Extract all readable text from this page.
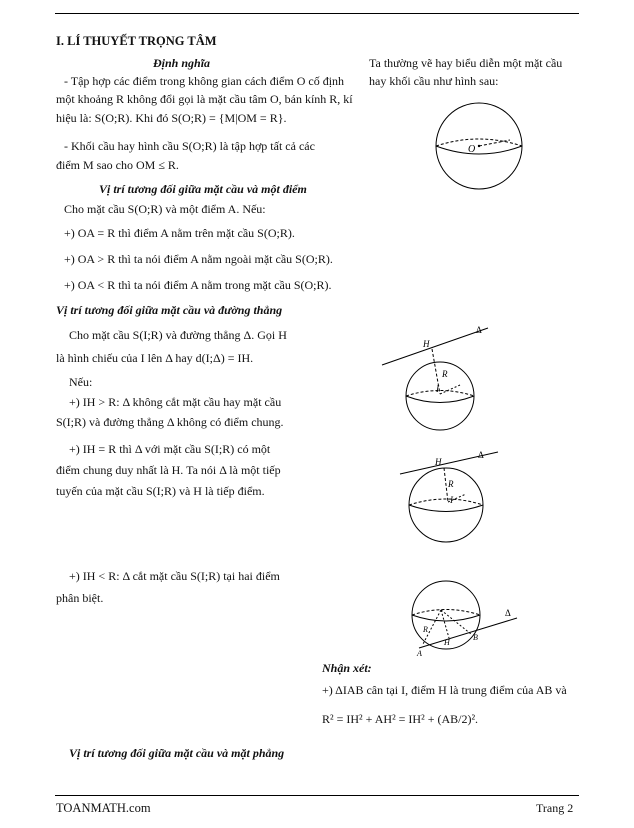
I. LÍ THUYẾT TRỌNG TÂM
Định nghĩa
- Tập hợp các điểm trong không gian cách điểm O cố định
một khoảng R không đổi gọi là mặt cầu tâm O, bán kính R, kí
hiệu là: S(O;R). Khi đó S(O;R) = {M|OM = R}.
- Khối cầu hay hình cầu S(O;R) là tập hợp tất cả các
điểm M sao cho OM ≤ R.
Ta thường vẽ hay biểu diễn một mặt cầu
hay khối cầu như hình sau:
O
Vị trí tương đối giữa mặt cầu và một điểm
Cho mặt cầu S(O;R) và một điểm A. Nếu:
+) OA = R thì điểm A nằm trên mặt cầu S(O;R).
+) OA > R thì ta nói điểm A nằm ngoài mặt cầu S(O;R).
+) OA < R thì ta nói điểm A nằm trong mặt cầu S(O;R).
Vị trí tương đối giữa mặt cầu và đường thẳng
Cho mặt cầu S(I;R) và đường thẳng Δ. Gọi H
là hình chiếu của I lên Δ hay d(I;Δ) = IH.
Nếu:
+) IH > R: Δ không cắt mặt cầu hay mặt cầu
S(I;R) và đường thẳng Δ không có điểm chung.
+) IH = R thì Δ với mặt cầu S(I;R) có một
điểm chung duy nhất là H. Ta nói Δ là một tiếp
tuyến của mặt cầu S(I;R) và H là tiếp điểm.
+) IH < R: Δ cắt mặt cầu S(I;R) tại hai điểm
phân biệt.
H
R
I
Δ
H
R
I
Δ
R
H
A
B
Δ
Nhận xét:
+) ΔIAB cân tại I, điểm H là trung điểm của AB và
R² = IH² + AH² = IH² + (AB/2)².
Vị trí tương đối giữa mặt cầu và mặt phẳng
TOANMATH.com	Trang 2
